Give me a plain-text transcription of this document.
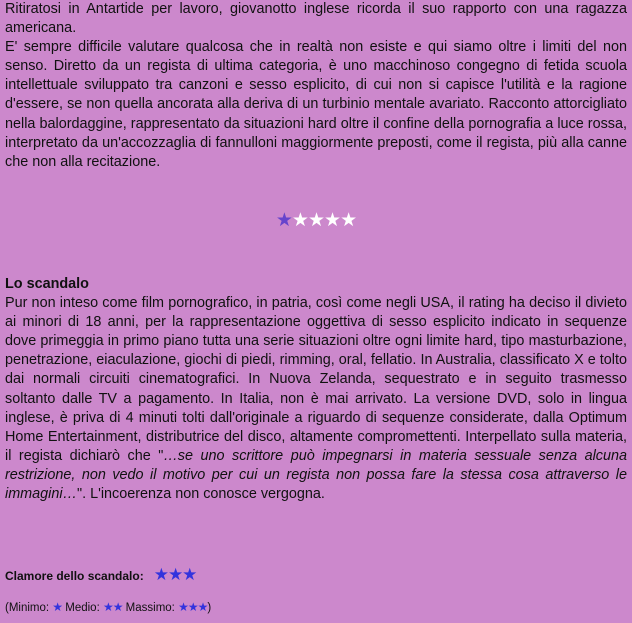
Ritiratosi in Antartide per lavoro, giovanotto inglese ricorda il suo rapporto con una ragazza americana.
E' sempre difficile valutare qualcosa che in realtà non esiste e qui siamo oltre i limiti del non senso. Diretto da un regista di ultima categoria, è uno macchinoso congegno di fetida scuola intellettuale sviluppato tra canzoni e sesso esplicito, di cui non si capisce l'utilità e la ragione d'essere, se non quella ancorata alla deriva di un turbinio mentale avariato. Racconto attorcigliato nella balordaggine, rappresentato da situazioni hard oltre il confine della pornografia a luce rossa, interpretato da un'accozzaglia di fannulloni maggiormente preposti, come il regista, più alla canne che non alla recitazione.

★★★★★
Lo scandalo

Pur non inteso come film pornografico, in patria, così come negli USA, il rating ha deciso il divieto ai minori di 18 anni, per la rappresentazione oggettiva di sesso esplicito indicato in sequenze dove primeggia in primo piano tutta una serie situazioni oltre ogni limite hard, tipo masturbazione, penetrazione, eiaculazione, giochi di piedi, rimming, oral, fellatio. In Australia, classificato X e tolto dai normali circuiti cinematografici. In Nuova Zelanda, sequestrato e in seguito trasmesso soltanto dalle TV a pagamento. In Italia, non è mai arrivato. La versione DVD, solo in lingua inglese, è priva di 4 minuti tolti dall'originale a riguardo di sequenze considerate, dalla Optimum Home Entertainment, distributrice del disco, altamente compromettenti. Interpellato sulla materia, il regista dichiarò che "…se uno scrittore può impegnarsi in materia sessuale senza alcuna restrizione, non vedo il motivo per cui un regista non possa fare la stessa cosa attraverso le immagini…". L'incoerenza non conosce vergogna.

Clamore dello scandalo: ★★★
(Minimo: ★ Medio: ★★ Massimo: ★★★)
